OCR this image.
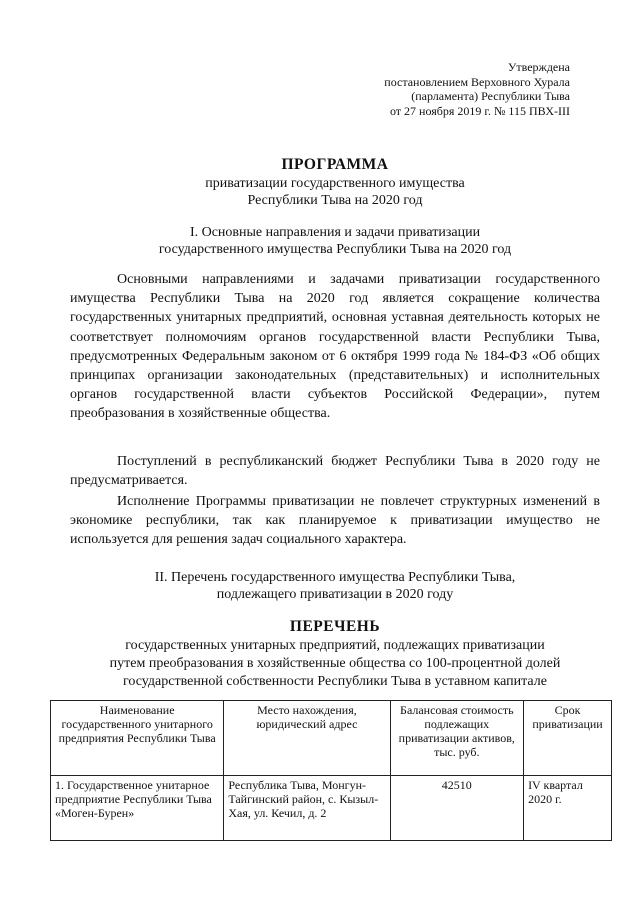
Утверждена
постановлением Верховного Хурала
(парламента) Республики Тыва
от 27 ноября 2019 г. № 115 ПВХ-III
ПРОГРАММА
приватизации государственного имущества
Республики Тыва на 2020 год
I. Основные направления и задачи приватизации
государственного имущества Республики Тыва на 2020 год

Основными направлениями и задачами приватизации государственного имущества Республики Тыва на 2020 год является сокращение количества государственных унитарных предприятий, основная уставная деятельность которых не соответствует полномочиям органов государственной власти Республики Тыва, предусмотренных Федеральным законом от 6 октября 1999 года № 184-ФЗ «Об общих принципах организации законодательных (представительных) и исполнительных органов государственной власти субъектов Российской Федерации», путем преобразования в хозяйственные общества.

Поступлений в республиканский бюджет Республики Тыва в 2020 году не предусматривается.

Исполнение Программы приватизации не повлечет структурных изменений в экономике республики, так как планируемое к приватизации имущество не используется для решения задач социального характера.

II. Перечень государственного имущества Республики Тыва,
подлежащего приватизации в 2020 году
ПЕРЕЧЕНЬ
государственных унитарных предприятий, подлежащих приватизации
путем преобразования в хозяйственные общества со 100-процентной долей
государственной собственности Республики Тыва в уставном капитале
Наименование государственного унитарного предприятия Республики Тыва	Место нахождения, юридический адрес	Балансовая стоимость подлежащих приватизации активов, тыс. руб.	Срок приватизации
1. Государственное унитарное предприятие Республики Тыва «Моген-Бурен»	Республика Тыва, Монгун-Тайгинский район, с. Кызыл-Хая, ул. Кечил, д. 2	42510	IV квартал 2020 г.
